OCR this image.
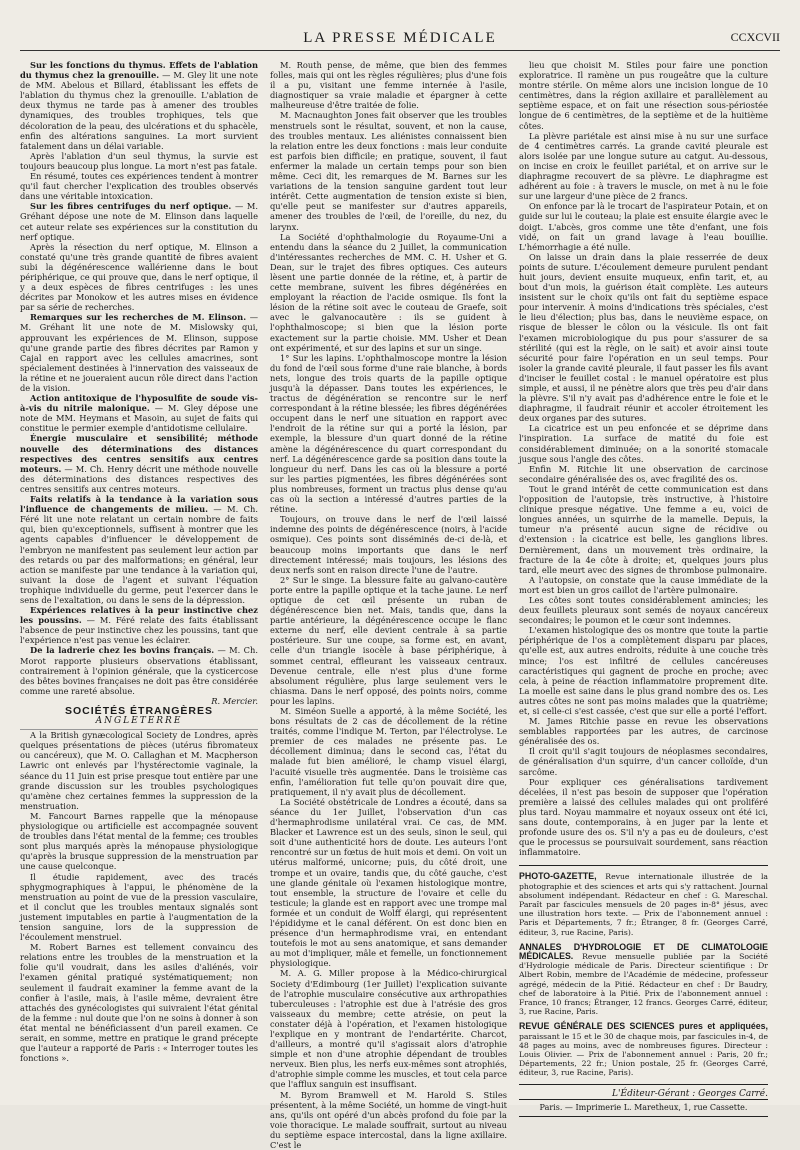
LA PRESSE MÉDICALE	CCXCVII

Sur les fonctions du thymus. Effets de l'ablation du thymus chez la grenouille. — M. Gley lit une note de MM. Abelous et Billard, établissant les effets de l'ablation du thymus chez la grenouille. L'ablation de deux thymus ne tarde pas à amener des troubles dynamiques, des troubles trophiques, tels que décoloration de la peau, des ulcérations et du sphacèle, enfin des altérations sanguines. La mort survient fatalement dans un délai variable.

Après l'ablation d'un seul thymus, la survie est toujours beaucoup plus longue. La mort n'est pas fatale.

En résumé, toutes ces expériences tendent à montrer qu'il faut chercher l'explication des troubles observés dans une véritable intoxication.

Sur les fibres centrifuges du nerf optique. — M. Gréhant dépose une note de M. Elinson dans laquelle cet auteur relate ses expériences sur la constitution du nerf optique.

Après la résection du nerf optique, M. Elinson a constaté qu'une très grande quantité de fibres avaient subi la dégénérescence wallérienne dans le bout périphérique, ce qui prouve que, dans le nerf optique, il y a deux espèces de fibres centrifuges : les unes décrites par Monokow et les autres mises en évidence par sa série de recherches.

Remarques sur les recherches de M. Elinson. — M. Gréhant lit une note de M. Mislowsky qui, approuvant les expériences de M. Elinson, suppose qu'une grande partie des fibres décrites par Ramon y Cajal en rapport avec les cellules amacrines, sont spécialement destinées à l'innervation des vaisseaux de la rétine et ne joueraient aucun rôle direct dans l'action de la vision.

Action antitoxique de l'hyposulfite de soude vis-à-vis du nitrile malonique. — M. Gley dépose une note de MM. Heymans et Masoin, au sujet de faits qui constitue le permier exemple d'antidotisme cellulaire.

Énergie musculaire et sensibilité; méthode nouvelle des déterminations des distances respectives des centres sensitifs aux centres moteurs. — M. Ch. Henry décrit une méthode nouvelle des déterminations des distances respectives des centres sensitifs aux centres moteurs.

Faits relatifs à la tendance à la variation sous l'influence de changements de milieu. — M. Ch. Féré lit une note relatant un certain nombre de faits qui, bien qu'exceptionnels, suffisent à montrer que les agents capables d'influencer le développement de l'embryon ne manifestent pas seulement leur action par des retards ou par des malformations; en général, leur action se manifeste par une tendance à la variation qui, suivant la dose de l'agent et suivant l'équation trophique individuelle du germe, peut l'exercer dans le sens de l'exaltation, ou dans le sens de la dépression.

Expériences relatives à la peur instinctive chez les poussins. — M. Féré relate des faits établissant l'absence de peur instinctive chez les poussins, tant que l'expérience n'est pas venue les éclairer.

De la ladrerie chez les bovins français. — M. Ch. Morot rapporte plusieurs observations établissant, contrairement à l'opinion générale, que la cysticercose des bêtes bovines françaises ne doit pas être considérée comme une rareté absolue.

R. Mercier.

SOCIÉTÉS ÉTRANGÈRES

ANGLETERRE

A la British gynæcological Society de Londres, après quelques présentations de pièces (utérus fibromateux ou cancéreux), que M. O. Callaghan et M. Macpherson Lawric ont enlevés par l'hystérectomie vaginale, la séance du 11 Juin est prise presque tout entière par une grande discussion sur les troubles psychologiques qu'amène chez certaines femmes la suppression de la menstruation.

M. Fancourt Barnes rappelle que la ménopause physiologique ou artificielle est accompagnée souvent de troubles dans l'état mental de la femme; ces troubles sont plus marqués après la ménopause physiologique qu'après la brusque suppression de la menstruation par une cause quelconque.

Il étudie rapidement, avec des tracés sphygmographiques à l'appui, le phénomène de la menstruation au point de vue de la pression vasculaire, et il conclut que les troubles mentaux signalés sont justement imputables en partie à l'augmentation de la tension sanguine, lors de la suppression de l'écoulement menstruel.

M. Robert Barnes est tellement convaincu des relations entre les troubles de la menstruation et la folie qu'il voudrait, dans les asiles d'aliénés, voir l'examen génital pratiqué systématiquement; non seulement il faudrait examiner la femme avant de la confier à l'asile, mais, à l'asile même, devraient être attachés des gynécologistes qui suivraient l'état génital de la femme : nul doute que l'on ne soins à donner à son état mental ne bénéficiassent d'un pareil examen. Ce serait, en somme, mettre en pratique le grand précepte que l'auteur a rapporté de Paris : « Interroger toutes les fonctions ».

M. Routh pense, de même, que bien des femmes folles, mais qui ont les règles régulières; plus d'une fois il a pu, visitant une femme internée à l'asile, diagnostiquer sa vraie maladie et épargner à cette malheureuse d'être traitée de folie.

M. Macnaughton Jones fait observer que les troubles menstruels sont le résultat, souvent, et non la cause, des troubles mentaux. Les aliénistes connaissent bien la relation entre les deux fonctions : mais leur conduite est parfois bien difficile; en pratique, souvent, il faut enfermer la malade un certain temps pour son bien même. Ceci dit, les remarques de M. Barnes sur les variations de la tension sanguine gardent tout leur intérêt. Cette augmentation de tension existe si bien, qu'elle peut se manifester sur d'autres appareils, amener des troubles de l'œil, de l'oreille, du nez, du larynx.

La Société d'ophthalmologie du Royaume-Uni a entendu dans la séance du 2 Juillet, la communication d'intéressantes recherches de MM. C. H. Usher et G. Dean, sur le trajet des fibres optiques. Ces auteurs lèsent une partie donnée de la rétine, et, à partir de cette membrane, suivent les fibres dégénérées en employant la réaction de l'acide osmique. Ils font la lésion de la rétine soit avec le couteau de Graefe, soit avec le galvanocautère : ils se guident à l'ophthalmoscope; si bien que la lésion porte exactement sur la partie choisie. MM. Usher et Dean ont expérimenté, et sur des lapins et sur un singe.

1° Sur les lapins. L'ophthalmoscope montre la lésion du fond de l'œil sous forme d'une raie blanche, à bords nets, longue des trois quarts de la papille optique jusqu'à la dépasser. Dans toutes les expériences, le tractus de dégénération se rencontre sur le nerf correspondant à la rétine blessée; les fibres dégénérées occupent dans le nerf une situation en rapport avec l'endroit de la rétine sur qui a porté la lésion, par exemple, la blessure d'un quart donné de la rétine amène la dégénérescence du quart correspondant du nerf. La dégénérescence garde sa position dans toute la longueur du nerf. Dans les cas où la blessure a porté sur les parties pigmentées, les fibres dégénérées sont plus nombreuses, forment un tractus plus dense qu'au cas où la section a intéressé d'autres parties de la rétine.

Toujours, on trouve dans le nerf de l'œil laissé indemne des points de dégénérescence (noirs, à l'acide osmique). Ces points sont disséminés de-ci de-là, et beaucoup moins importants que dans le nerf directement intéressé; mais toujours, les lésions des deux nerfs sont en raison directe l'une de l'autre.

2° Sur le singe. La blessure faite au galvano-cautère porte entre la papille optique et la tache jaune. Le nerf optique de cet œil présente un ruban de dégénérescence bien net. Mais, tandis que, dans la partie antérieure, la dégénérescence occupe le flanc externe du nerf, elle devient centrale à sa partie postérieure. Sur une coupe, sa forme est, en avant, celle d'un triangle isocèle à base périphérique, à sommet central, effleurant les vaisseaux centraux. Devenue centrale, elle n'est plus d'une forme absolument régulière, plus large seulement vers le chiasma. Dans le nerf opposé, des points noirs, comme pour les lapins.

M. Siméon Suelle a apporté, à la même Société, les bons résultats de 2 cas de décollement de la rétine traités, comme l'indique M. Terton, par l'électrolyse. Le premier de ces malades ne présente pas. Le décollement diminua; dans le second cas, l'état du malade fut bien amélioré, le champ visuel élargi, l'acuité visuelle très augmentée. Dans le troisième cas enfin, l'amélioration fut telle qu'on pouvait dire que, pratiquement, il n'y avait plus de décollement.

La Société obstétricale de Londres a écouté, dans sa séance du 1er Juillet, l'observation d'un cas d'hermaphrodisme unilatéral vrai. Ce cas, de MM. Blacker et Lawrence est un des seuls, sinon le seul, qui soit d'une authenticité hors de doute. Les auteurs l'ont rencontré sur un fœtus de huit mois et demi. On voit un utérus malformé, unicorne; puis, du côté droit, une trompe et un ovaire, tandis que, du côté gauche, c'est une glande génitale où l'examen histologique montre, tout ensemble, la structure de l'ovaire et celle du testicule; la glande est en rapport avec une trompe mal formée et un conduit de Wolff élargi, qui représentent l'épididyme et le canal déférent. On est donc bien en présence d'un hermaphrodisme vrai, en entendant toutefois le mot au sens anatomique, et sans demander au mot d'impliquer, mâle et femelle, un fonctionnement physiologique.

M. A. G. Miller propose à la Médico-chirurgical Society d'Edimbourg (1er Juillet) l'explication suivante de l'atrophie musculaire consécutive aux arthropathies tuberculeuses : l'atrophie est due à l'atrésie des gros vaisseaux du membre; cette atrésie, on peut la constater déjà à l'opération, et l'examen histologique l'explique en y montrant de l'endartérite. Charcot, d'ailleurs, a montré qu'il s'agissait alors d'atrophie simple et non d'une atrophie dépendant de troubles nerveux. Bien plus, les nerfs eux-mêmes sont atrophiés, d'atrophie simple comme les muscles, et tout cela parce que l'afflux sanguin est insuffisant.

M. Byrom Bramwell et M. Harold S. Stiles présentent, à la même Société, un homme de vingt-huit ans, qu'ils ont opéré d'un abcès profond du foie par la voie thoracique. Le malade souffrait, surtout au niveau du septième espace intercostal, dans la ligne axillaire. C'est le

lieu que choisit M. Stiles pour faire une ponction exploratrice. Il ramène un pus rougeâtre que la culture montre stérile. On même alors une incision longue de 10 centimètres, dans la région axillaire et parallèlement au septième espace, et on fait une résection sous-périostée longue de 6 centimètres, de la septième et de la huitième côtes.

La plèvre pariétale est ainsi mise à nu sur une surface de 4 centimètres carrés. La grande cavité pleurale est alors isolée par une longue suture au catgut. Au-dessous, on incise en croix le feuillet pariétal, et on arrive sur le diaphragme recouvert de sa plèvre. Le diaphragme est adhérent au foie : à travers le muscle, on met à nu le foie sur une largeur d'une pièce de 2 francs.

On enfonce par là le trocart de l'aspirateur Potain, et on guide sur lui le couteau; la plaie est ensuite élargie avec le doigt. L'abcès, gros comme une tête d'enfant, une fois vidé, on fait un grand lavage à l'eau bouillie. L'hémorrhagie a été nulle.

On laisse un drain dans la plaie resserrée de deux points de suture. L'écoulement demeure purulent pendant huit jours, devient ensuite muqueux, enfin tarit, et, au bout d'un mois, la guérison était complète. Les auteurs insistent sur le choix qu'ils ont fait du septième espace pour intervenir. À moins d'indications très spéciales, c'est le lieu d'élection; plus bas, dans le neuvième espace, on risque de blesser le côlon ou la vésicule. Ils ont fait l'examen microbiologique du pus pour s'assurer de sa stérilité (qui est la règle, on le sait) et avoir ainsi toute sécurité pour faire l'opération en un seul temps. Pour isoler la grande cavité pleurale, il faut passer les fils avant d'inciser le feuillet costal : le manuel opératoire est plus simple, et aussi, il ne pénètre alors que très peu d'air dans la plèvre. S'il n'y avait pas d'adhérence entre le foie et le diaphragme, il faudrait réunir et accoler étroitement les deux organes par des sutures.

La cicatrice est un peu enfoncée et se déprime dans l'inspiration. La surface de matité du foie est considérablement diminuée; on a la sonorité stomacale jusque sous l'angle des côtes.

Enfin M. Ritchie lit une observation de carcinose secondaire généralisée des os, avec fragilité des os.

Tout le grand intérêt de cette communication est dans l'opposition de l'autopsie, très instructive, à l'histoire clinique presque négative. Une femme a eu, voici de longues années, un squirrhe de la mamelle. Depuis, la tumeur n'a présenté aucun signe de récidive ou d'extension : la cicatrice est belle, les ganglions libres. Dernièrement, dans un mouvement très ordinaire, la fracture de la 4e côte à droite; et, quelques jours plus tard, elle meurt avec des signes de thrombose pulmonaire.

A l'autopsie, on constate que la cause immédiate de la mort est bien un gros caillot de l'artère pulmonaire.

Les côtes sont toutes considérablement amincies; les deux feuillets pleuraux sont semés de noyaux cancéreux secondaires; le poumon et le cœur sont indemnes.

L'examen histologique des os montre que toute la partie périphérique de l'os a complètement disparu par places, qu'elle est, aux autres endroits, réduite à une couche très mince; l'os est infiltré de cellules cancéreuses caractéristiques qui gagnent de proche en proche; avec cela, à peine de réaction inflammatoire proprement dite. La moelle est saine dans le plus grand nombre des os. Les autres côtes ne sont pas moins malades que la quatrième; et, si celle-ci s'est cassée, c'est que sur elle a porté l'effort.

M. James Ritchie passe en revue les observations semblables rapportées par les autres, de carcinose généralisée des os.

Il croit qu'il s'agit toujours de néoplasmes secondaires, de généralisation d'un squirre, d'un cancer colloïde, d'un sarcôme.

Pour expliquer ces généralisations tardivement décelées, il n'est pas besoin de supposer que l'opération première a laissé des cellules malades qui ont proliféré plus tard. Noyau mammaire et noyaux osseux ont été ici, sans doute, contemporains, à en juger par la lente et profonde usure des os. S'il n'y a pas eu de douleurs, c'est que le processus se poursuivait sourdement, sans réaction inflammatoire.

PHOTO-GAZETTE, Revue internationale illustrée de la photographie et des sciences et arts qui s'y rattachent. Journal absolument indépendant. Rédacteur en chef : G. Mareschal. Paraît par fascicules mensuels de 20 pages in-8° jésus, avec une illustration hors texte. — Prix de l'abonnement annuel : Paris et Départements, 7 fr.; Étranger, 8 fr. (Georges Carré, éditeur, 3, rue Racine, Paris).

ANNALES D'HYDROLOGIE ET DE CLIMATOLOGIE MÉDICALES. Revue mensuelle publiée par la Société d'Hydrologie médicale de Paris. Directeur scientifique : Dr Albert Robin, membre de l'Académie de médecine, professeur agrégé, médecin de la Pitié. Rédacteur en chef : Dr Baudry, chef de laboratoire à la Pitié. Prix de l'abonnement annuel : France, 10 francs; Étranger, 12 francs. Georges Carré, éditeur, 3, rue Racine, Paris.

REVUE GÉNÉRALE DES SCIENCES pures et appliquées, paraissant le 15 et le 30 de chaque mois, par fascicules in-4, de 48 pages au moins, avec de nombreuses figures. Directeur : Louis Olivier. — Prix de l'abonnement annuel : Paris, 20 fr.; Départements, 22 fr.; Union postale, 25 fr. (Georges Carré, éditeur, 3, rue Racine, Paris).

L'Éditeur-Gérant : Georges Carré.

Paris. — Imprimerie L. Maretheux, 1, rue Cassette.
